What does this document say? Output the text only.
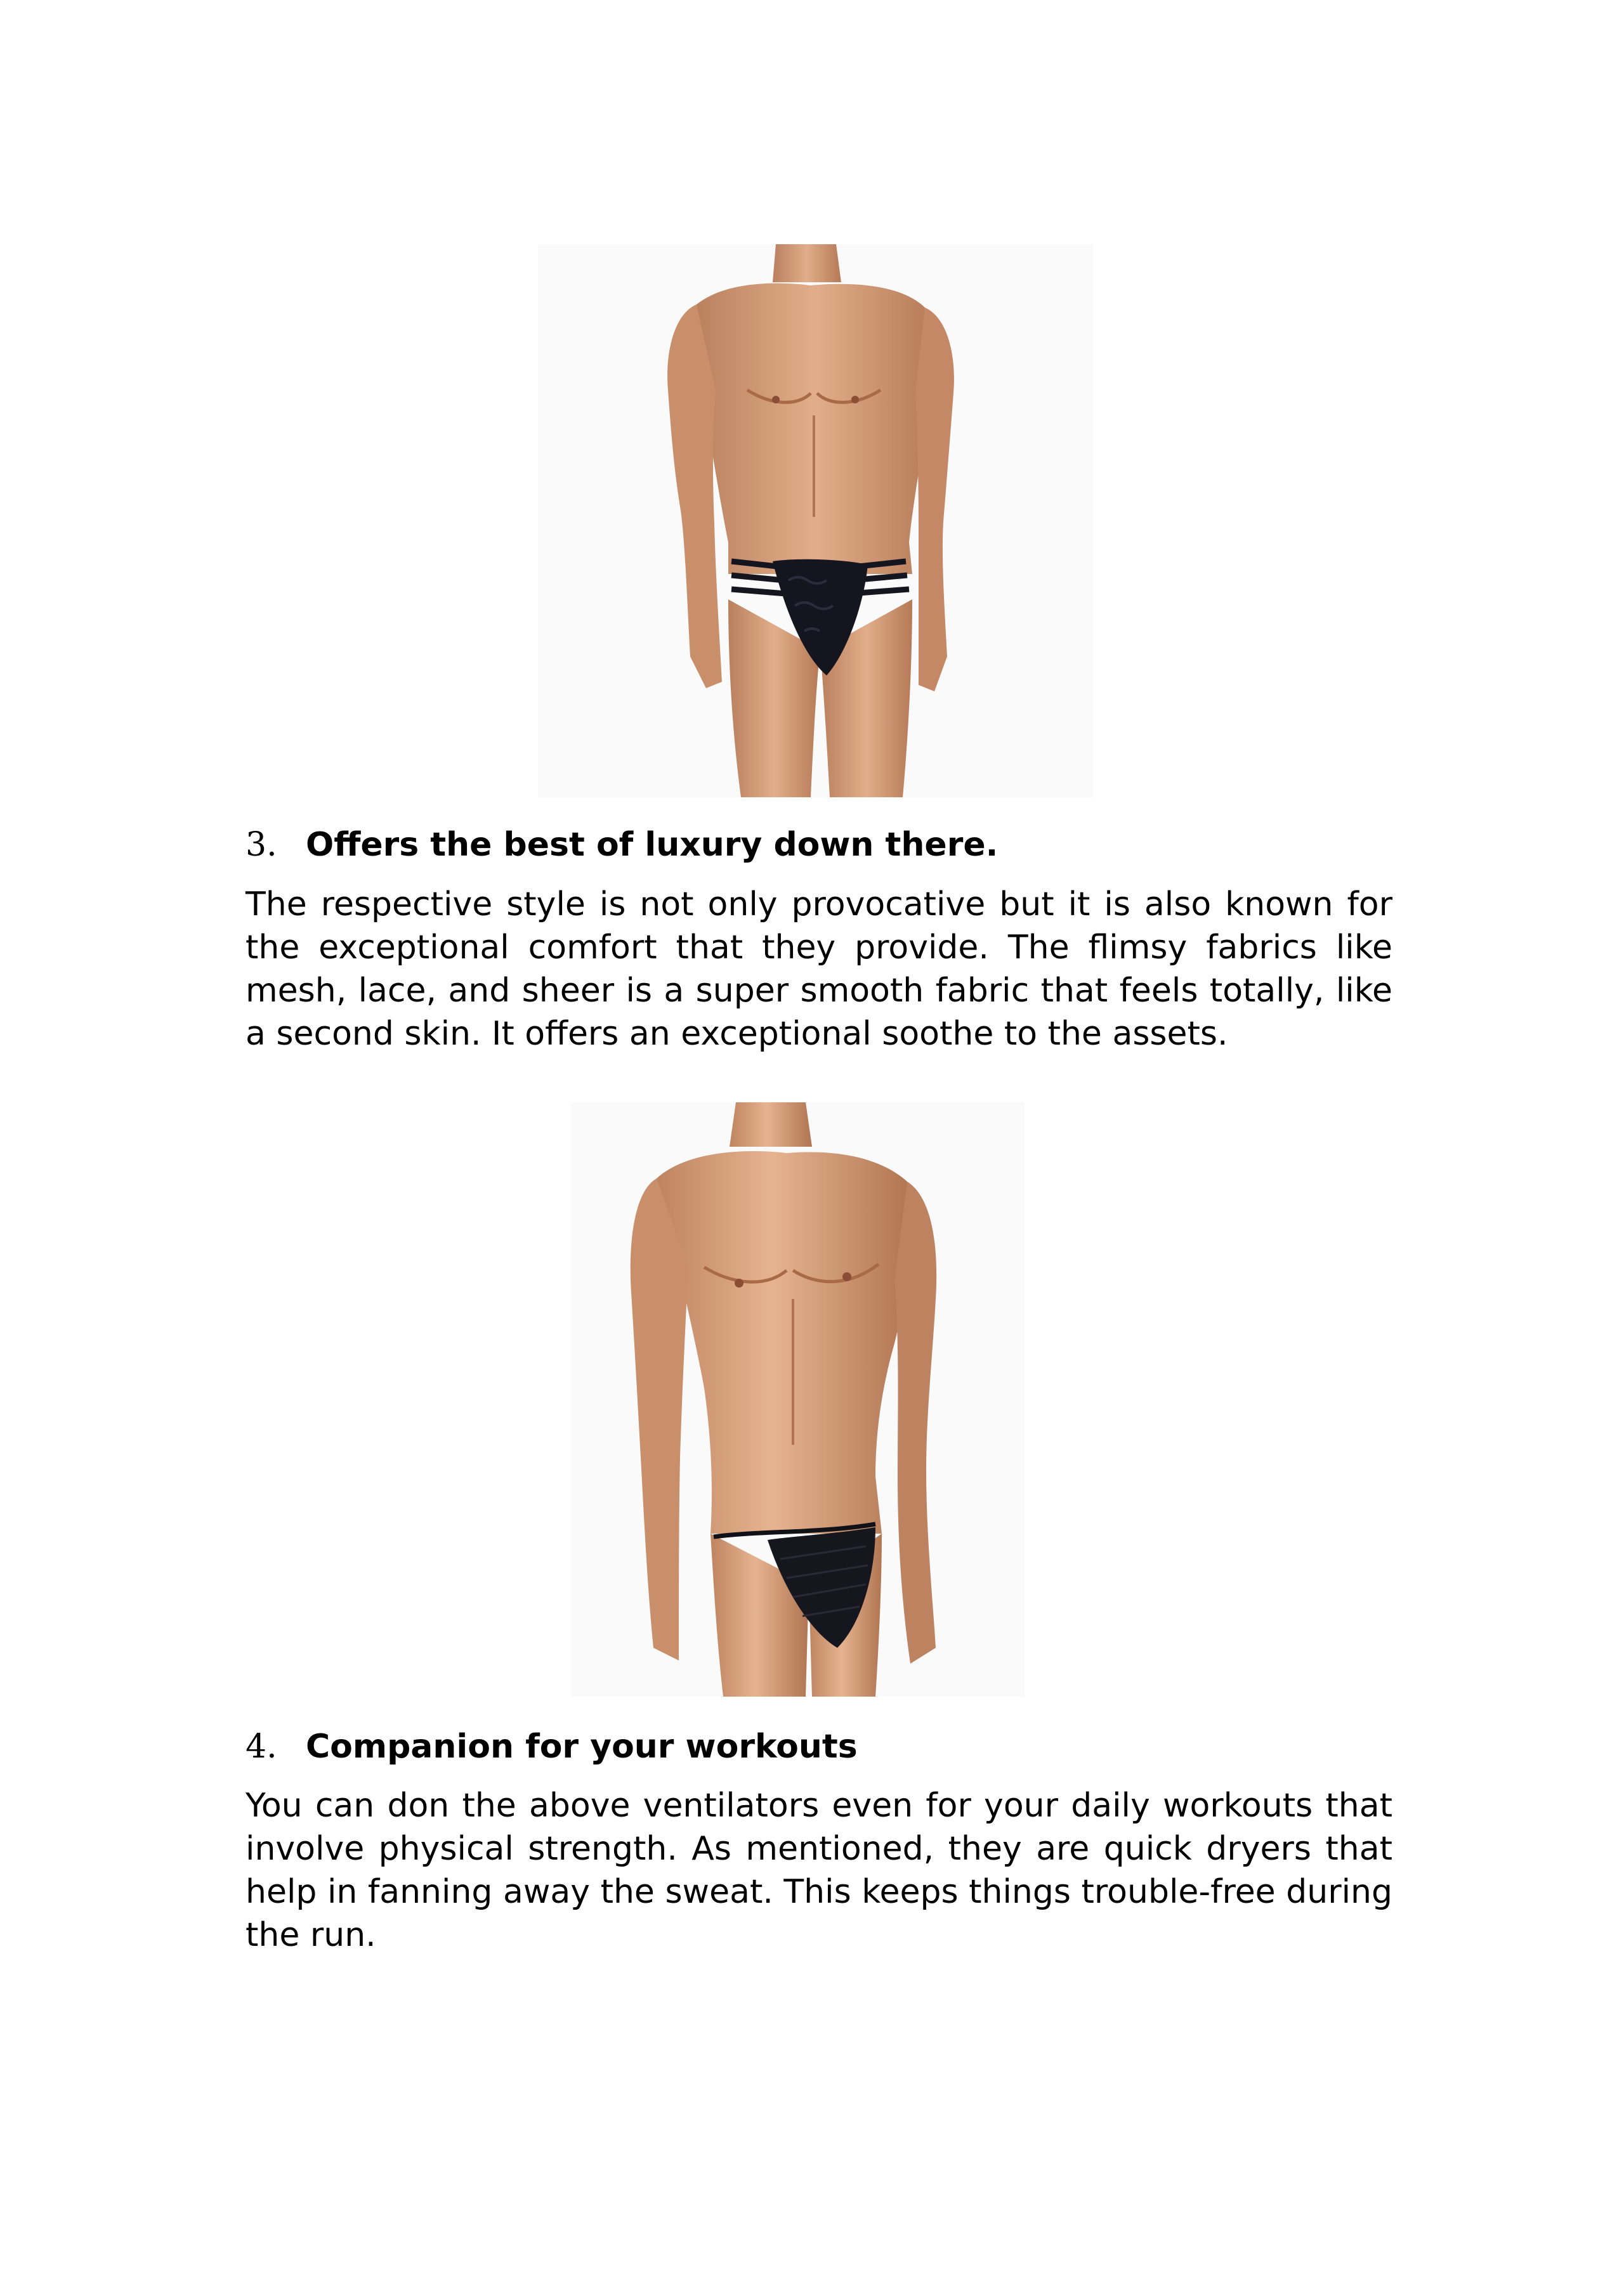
3. Offers the best of luxury down there.

The respective style is not only provocative but it is also known for the exceptional comfort that they provide. The flimsy fabrics like mesh, lace, and sheer is a super smooth fabric that feels totally, like a second skin. It offers an exceptional soothe to the assets.

4. Companion for your workouts

You can don the above ventilators even for your daily workouts that involve physical strength. As mentioned, they are quick dryers that help in fanning away the sweat. This keeps things trouble-free during the run.
